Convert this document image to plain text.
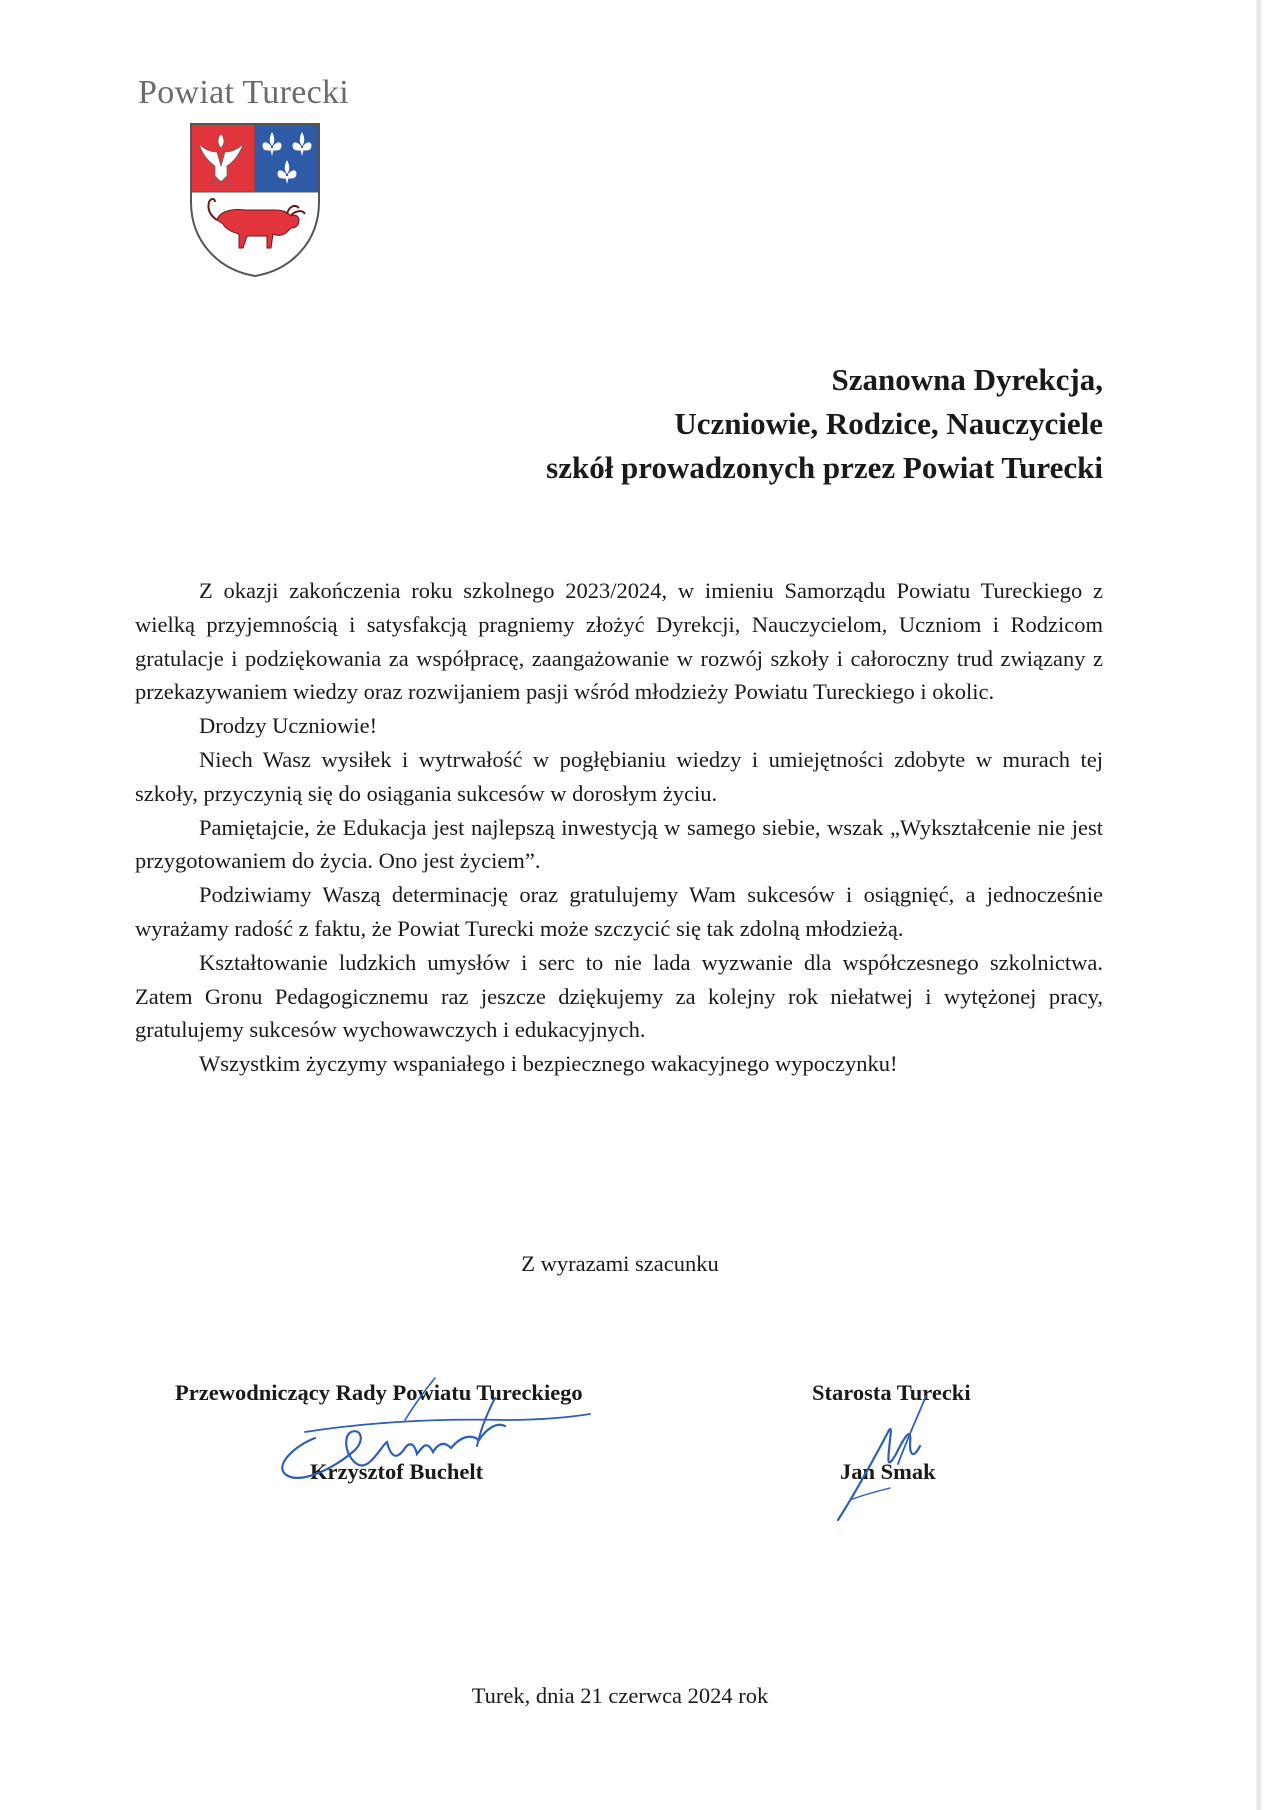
Powiat Turecki
Szanowna Dyrekcja,
Uczniowie, Rodzice, Nauczyciele
szkół prowadzonych przez Powiat Turecki

Z okazji zakończenia roku szkolnego 2023/2024, w imieniu Samorządu Powiatu Tureckiego z wielką przyjemnością i satysfakcją pragniemy złożyć Dyrekcji, Nauczycielom, Uczniom i Rodzicom gratulacje i podziękowania za współpracę, zaangażowanie w rozwój szkoły i całoroczny trud związany z przekazywaniem wiedzy oraz rozwijaniem pasji wśród młodzieży Powiatu Tureckiego i okolic.

Drodzy Uczniowie!

Niech Wasz wysiłek i wytrwałość w pogłębianiu wiedzy i umiejętności zdobyte w murach tej szkoły, przyczynią się do osiągania sukcesów w dorosłym życiu.

Pamiętajcie, że Edukacja jest najlepszą inwestycją w samego siebie, wszak „Wykształcenie nie jest przygotowaniem do życia. Ono jest życiem”.

Podziwiamy Waszą determinację oraz gratulujemy Wam sukcesów i osiągnięć, a jednocześnie wyrażamy radość z faktu, że Powiat Turecki może szczycić się tak zdolną młodzieżą.

Kształtowanie ludzkich umysłów i serc to nie lada wyzwanie dla współczesnego szkolnictwa. Zatem Gronu Pedagogicznemu raz jeszcze dziękujemy za kolejny rok niełatwej i wytężonej pracy, gratulujemy sukcesów wychowawczych i edukacyjnych.

Wszystkim życzymy wspaniałego i bezpiecznego wakacyjnego wypoczynku!

Z wyrazami szacunku
Przewodniczący Rady Powiatu Tureckiego
Krzysztof Buchelt
Starosta Turecki
Jan Smak
Turek, dnia 21 czerwca 2024 rok
